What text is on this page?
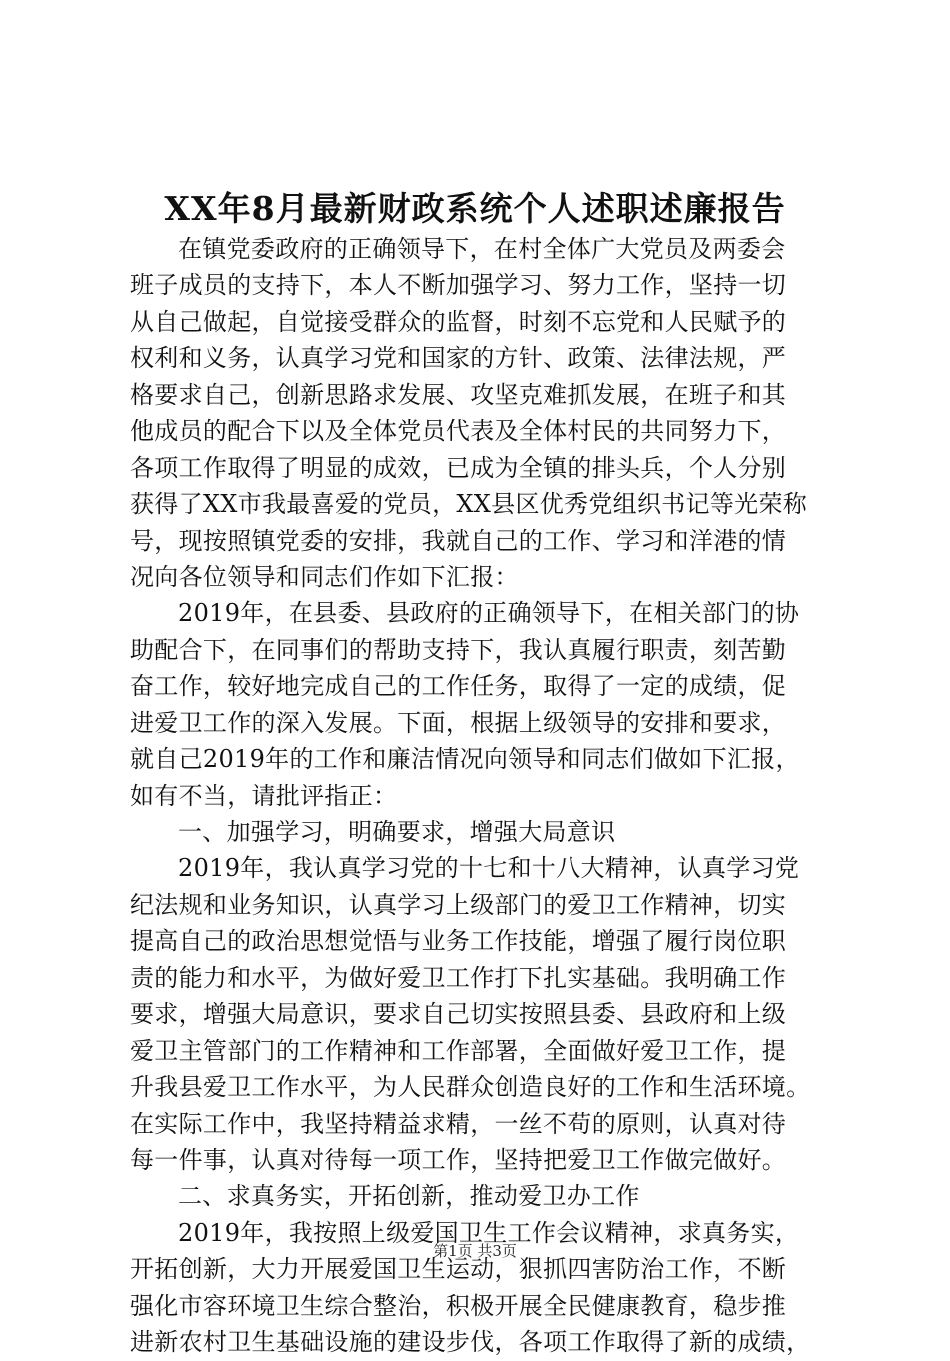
XX年8月最新财政系统个人述职述廉报告
在镇党委政府的正确领导下，在村全体广大党员及两委会
班子成员的支持下，本人不断加强学习、努力工作，坚持一切
从自己做起，自觉接受群众的监督，时刻不忘党和人民赋予的
权利和义务，认真学习党和国家的方针、政策、法律法规，严
格要求自己，创新思路求发展、攻坚克难抓发展，在班子和其
他成员的配合下以及全体党员代表及全体村民的共同努力下，
各项工作取得了明显的成效，已成为全镇的排头兵，个人分别
获得了XX市我最喜爱的党员，XX县区优秀党组织书记等光荣称
号，现按照镇党委的安排，我就自己的工作、学习和洋港的情
况向各位领导和同志们作如下汇报：
2019年，在县委、县政府的正确领导下，在相关部门的协
助配合下，在同事们的帮助支持下，我认真履行职责，刻苦勤
奋工作，较好地完成自己的工作任务，取得了一定的成绩，促
进爱卫工作的深入发展。下面，根据上级领导的安排和要求，
就自己2019年的工作和廉洁情况向领导和同志们做如下汇报，
如有不当，请批评指正：
一、加强学习，明确要求，增强大局意识
2019年，我认真学习党的十七和十八大精神，认真学习党
纪法规和业务知识，认真学习上级部门的爱卫工作精神，切实
提高自己的政治思想觉悟与业务工作技能，增强了履行岗位职
责的能力和水平，为做好爱卫工作打下扎实基础。我明确工作
要求，增强大局意识，要求自己切实按照县委、县政府和上级
爱卫主管部门的工作精神和工作部署，全面做好爱卫工作，提
升我县爱卫工作水平，为人民群众创造良好的工作和生活环境。
在实际工作中，我坚持精益求精，一丝不苟的原则，认真对待
每一件事，认真对待每一项工作，坚持把爱卫工作做完做好。
二、求真务实，开拓创新，推动爱卫办工作
2019年，我按照上级爱国卫生工作会议精神，求真务实，
开拓创新，大力开展爱国卫生运动，狠抓四害防治工作，不断
强化市容环境卫生综合整治，积极开展全民健康教育，稳步推
进新农村卫生基础设施的建设步伐，各项工作取得了新的成绩，
第1页 共3页
